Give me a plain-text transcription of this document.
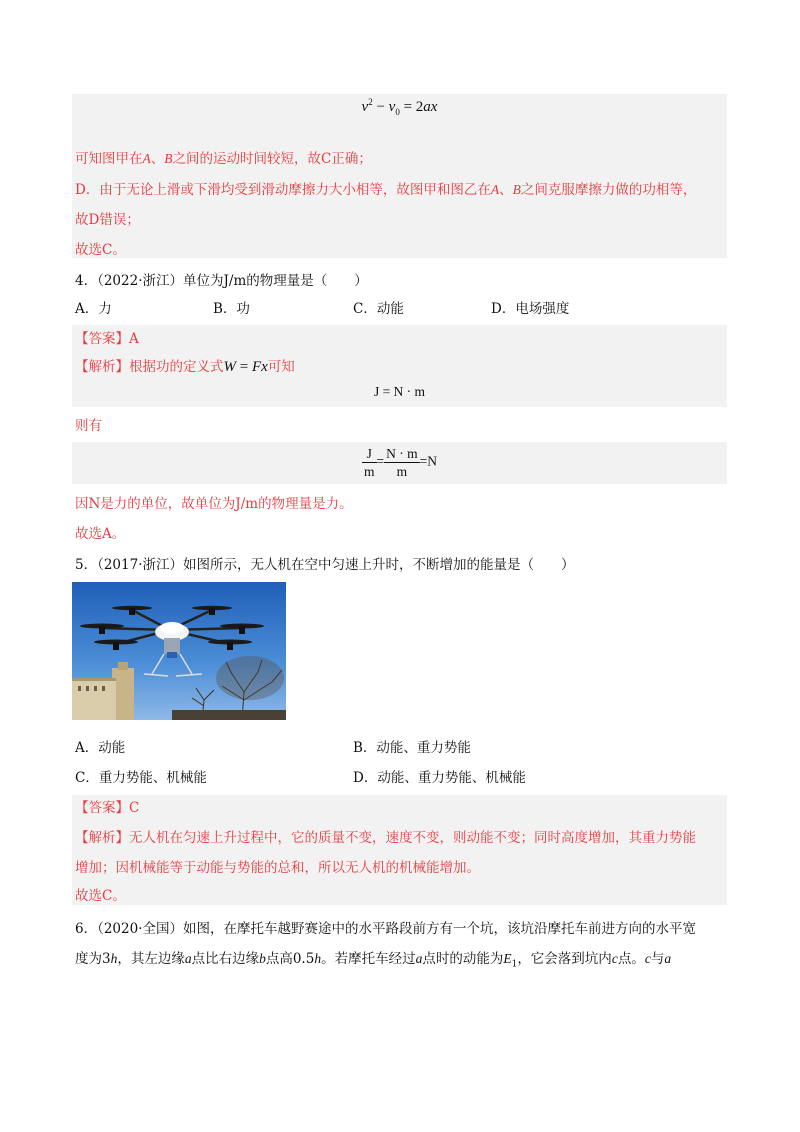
$v^2 - v_0 = 2ax$
可知图甲在A、B之间的运动时间较短，故C正确；
D．由于无论上滑或下滑均受到滑动摩擦力大小相等，故图甲和图乙在A、B之间克服摩擦力做的功相等，
故D错误；
故选C。
4．（2022·浙江）单位为J/m的物理量是（　　）
A．力	B．功	C．动能	D．电场强度
【答案】A
【解析】根据功的定义式W = Fx可知
J = N · m
则有
$\frac{J}{m} = \frac{N \cdot m}{m} =N$
因N是力的单位，故单位为J/m的物理量是力。
故选A。
5．（2017·浙江）如图所示，无人机在空中匀速上升时，不断增加的能量是（　　）
A．动能	B．动能、重力势能
C．重力势能、机械能	D．动能、重力势能、机械能
【答案】C
【解析】无人机在匀速上升过程中，它的质量不变，速度不变，则动能不变；同时高度增加，其重力势能
增加；因机械能等于动能与势能的总和，所以无人机的机械能增加。
故选C。
6．（2020·全国）如图，在摩托车越野赛途中的水平路段前方有一个坑，该坑沿摩托车前进方向的水平宽
度为3h，其左边缘a点比右边缘b点高0.5h。若摩托车经过a点时的动能为$E_1$，它会落到坑内c点。c与a
